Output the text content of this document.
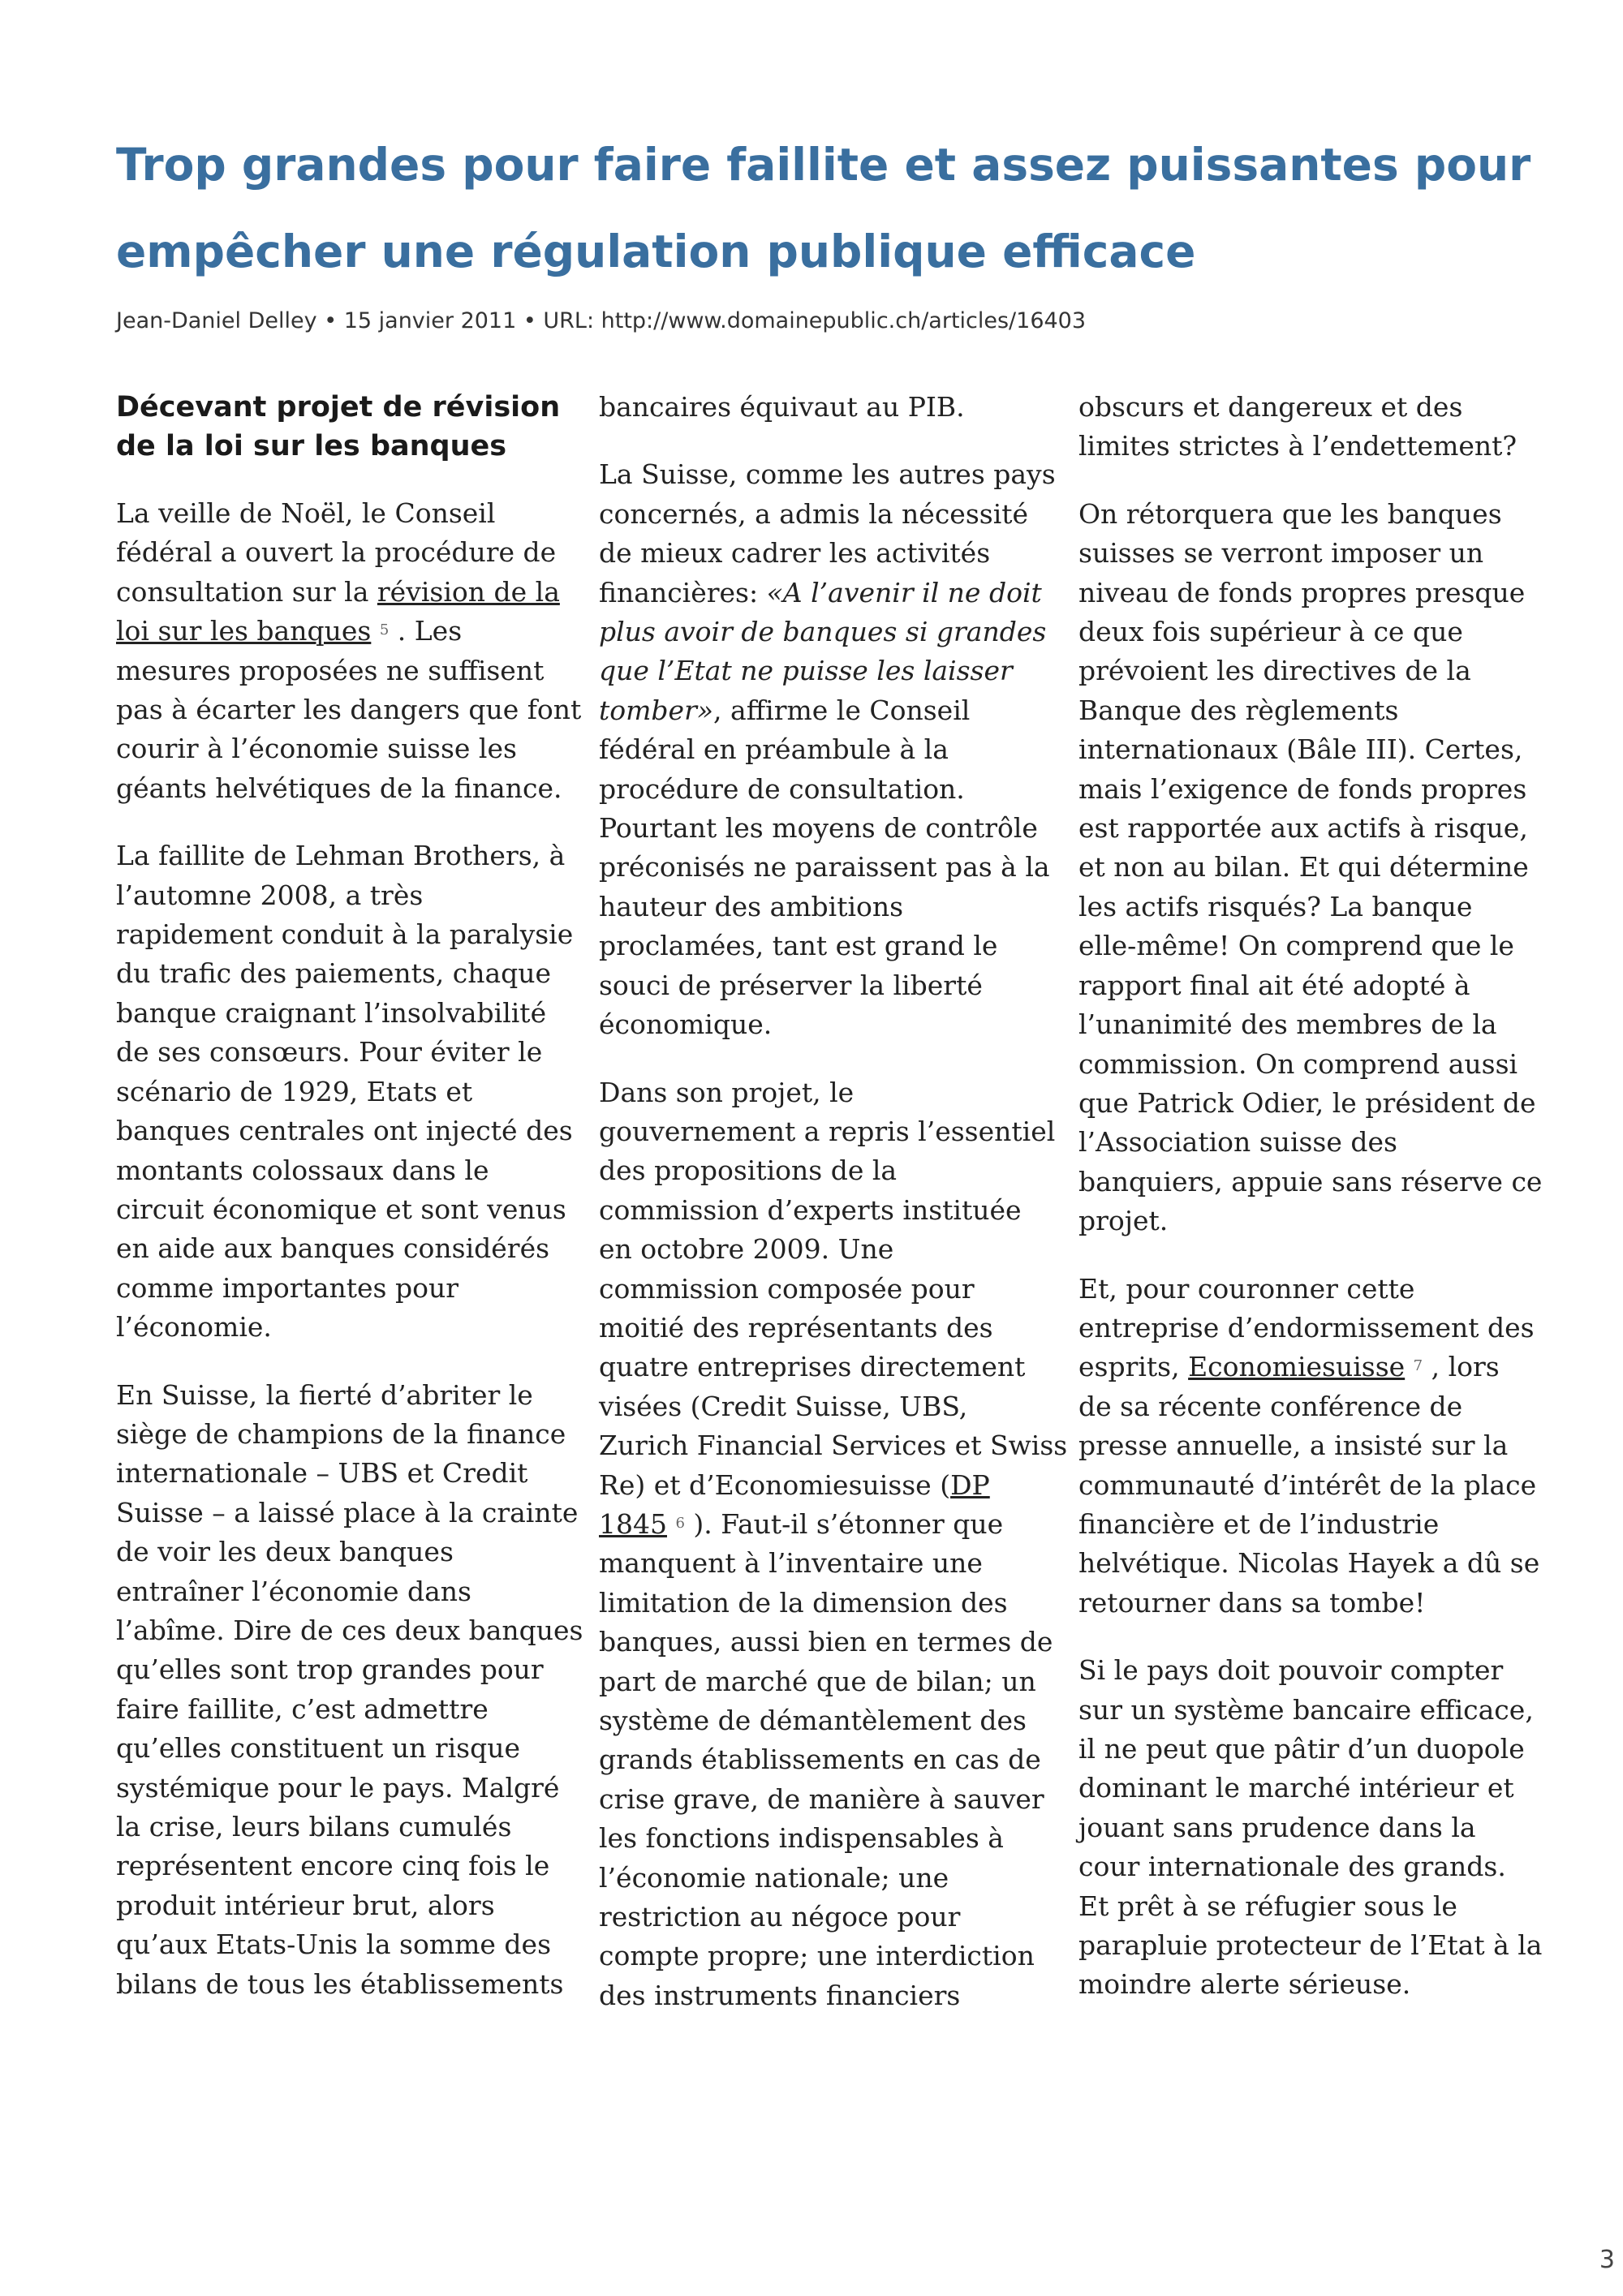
Trop grandes pour faire faillite et assez puissantes pour
empêcher une régulation publique efficace
Jean-Daniel Delley • 15 janvier 2011 • URL: http://www.domainepublic.ch/articles/16403
Décevant projet de révision
de la loi sur les banques

La veille de Noël, le Conseil
fédéral a ouvert la procédure de
consultation sur la révision de la
loi sur les banques $^5$ . Les
mesures proposées ne suffisent
pas à écarter les dangers que font
courir à l’économie suisse les
géants helvétiques de la finance.

La faillite de Lehman Brothers, à
l’automne 2008, a très
rapidement conduit à la paralysie
du trafic des paiements, chaque
banque craignant l’insolvabilité
de ses consœurs. Pour éviter le
scénario de 1929, Etats et
banques centrales ont injecté des
montants colossaux dans le
circuit économique et sont venus
en aide aux banques considérés
comme importantes pour
l’économie.

En Suisse, la fierté d’abriter le
siège de champions de la finance
internationale – UBS et Credit
Suisse – a laissé place à la crainte
de voir les deux banques
entraîner l’économie dans
l’abîme. Dire de ces deux banques
qu’elles sont trop grandes pour
faire faillite, c’est admettre
qu’elles constituent un risque
systémique pour le pays. Malgré
la crise, leurs bilans cumulés
représentent encore cinq fois le
produit intérieur brut, alors
qu’aux Etats-Unis la somme des
bilans de tous les établissements

bancaires équivaut au PIB.

La Suisse, comme les autres pays
concernés, a admis la nécessité
de mieux cadrer les activités
financières: «A l’avenir il ne doit
plus avoir de banques si grandes
que l’Etat ne puisse les laisser
tomber», affirme le Conseil
fédéral en préambule à la
procédure de consultation.
Pourtant les moyens de contrôle
préconisés ne paraissent pas à la
hauteur des ambitions
proclamées, tant est grand le
souci de préserver la liberté
économique.

Dans son projet, le
gouvernement a repris l’essentiel
des propositions de la
commission d’experts instituée
en octobre 2009. Une
commission composée pour
moitié des représentants des
quatre entreprises directement
visées (Credit Suisse, UBS,
Zurich Financial Services et Swiss
Re) et d’Economiesuisse (DP
1845 $^6$ ). Faut-il s’étonner que
manquent à l’inventaire une
limitation de la dimension des
banques, aussi bien en termes de
part de marché que de bilan; un
système de démantèlement des
grands établissements en cas de
crise grave, de manière à sauver
les fonctions indispensables à
l’économie nationale; une
restriction au négoce pour
compte propre; une interdiction
des instruments financiers

obscurs et dangereux et des
limites strictes à l’endettement?

On rétorquera que les banques
suisses se verront imposer un
niveau de fonds propres presque
deux fois supérieur à ce que
prévoient les directives de la
Banque des règlements
internationaux (Bâle III). Certes,
mais l’exigence de fonds propres
est rapportée aux actifs à risque,
et non au bilan. Et qui détermine
les actifs risqués? La banque
elle-même! On comprend que le
rapport final ait été adopté à
l’unanimité des membres de la
commission. On comprend aussi
que Patrick Odier, le président de
l’Association suisse des
banquiers, appuie sans réserve ce
projet.

Et, pour couronner cette
entreprise d’endormissement des
esprits, Economiesuisse $^7$ , lors
de sa récente conférence de
presse annuelle, a insisté sur la
communauté d’intérêt de la place
financière et de l’industrie
helvétique. Nicolas Hayek a dû se
retourner dans sa tombe!

Si le pays doit pouvoir compter
sur un système bancaire efficace,
il ne peut que pâtir d’un duopole
dominant le marché intérieur et
jouant sans prudence dans la
cour internationale des grands.
Et prêt à se réfugier sous le
parapluie protecteur de l’Etat à la
moindre alerte sérieuse.

3
